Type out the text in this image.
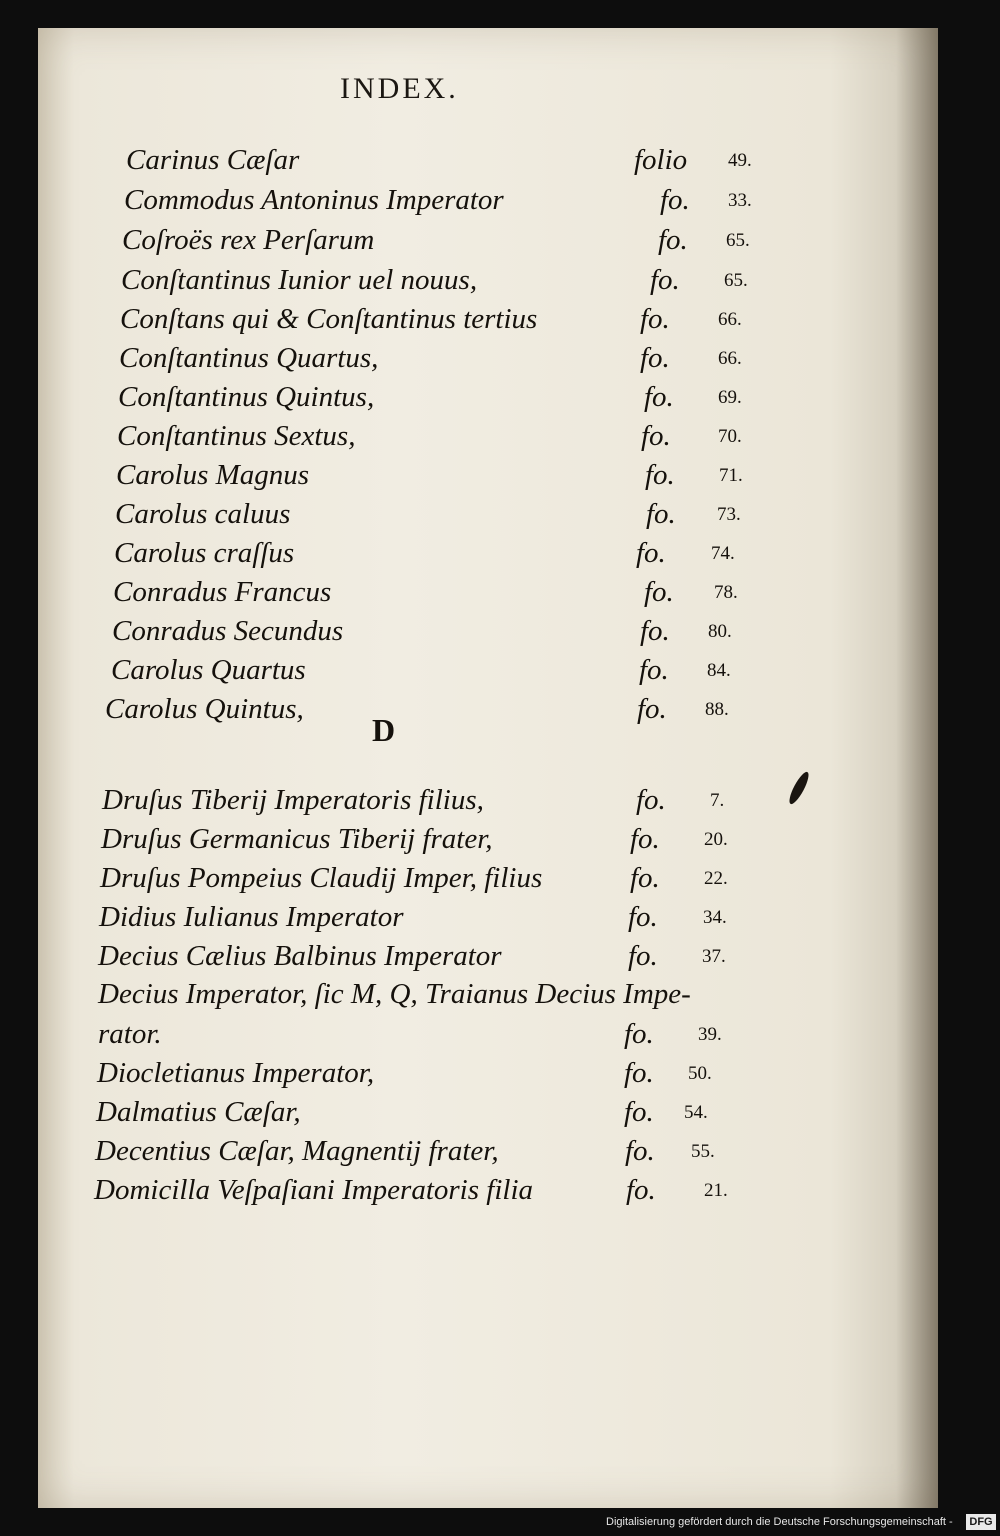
INDEX.
Carinus Cæſar	folio 49.
Commodus Antoninus Imperator	fo. 33.
Coſroës rex Perſarum	fo. 65.
Conſtantinus Iunior uel nouus,	fo. 65.
Conſtans qui & Conſtantinus tertius	fo.	66.
Conſtantinus Quartus,	fo.	66.
Conſtantinus Quintus,	fo. 69.
Conſtantinus Sextus,	fo. 70.
Carolus Magnus	fo. 71.
Carolus caluus	fo. 73.
Carolus craſſus	fo. 74.
Conradus Francus	fo. 78.
Conradus Secundus	fo. 80.
Carolus Quartus	fo. 84.
Carolus Quintus,	fo. 88.
D
Druſus Tiberij Imperatoris filius,	fo. 7.
Druſus Germanicus Tiberij frater,	fo. 20.
Druſus Pompeius Claudij Imper, filius	fo. 22.
Didius Iulianus Imperator	fo. 34.
Decius Cælius Balbinus Imperator	fo. 37.
Decius Imperator, ſic M, Q, Traianus Decius Impe-
rator.	fo. 39.
Diocletianus Imperator,	fo. 50.
Dalmatius Cæſar,	fo. 54.
Decentius Cæſar, Magnentij frater,	fo. 55.
Domicilla Veſpaſiani Imperatoris filia	fo.	21.
Digitalisierung gefördert durch die Deutsche Forschungsgemeinschaft -	DFG
